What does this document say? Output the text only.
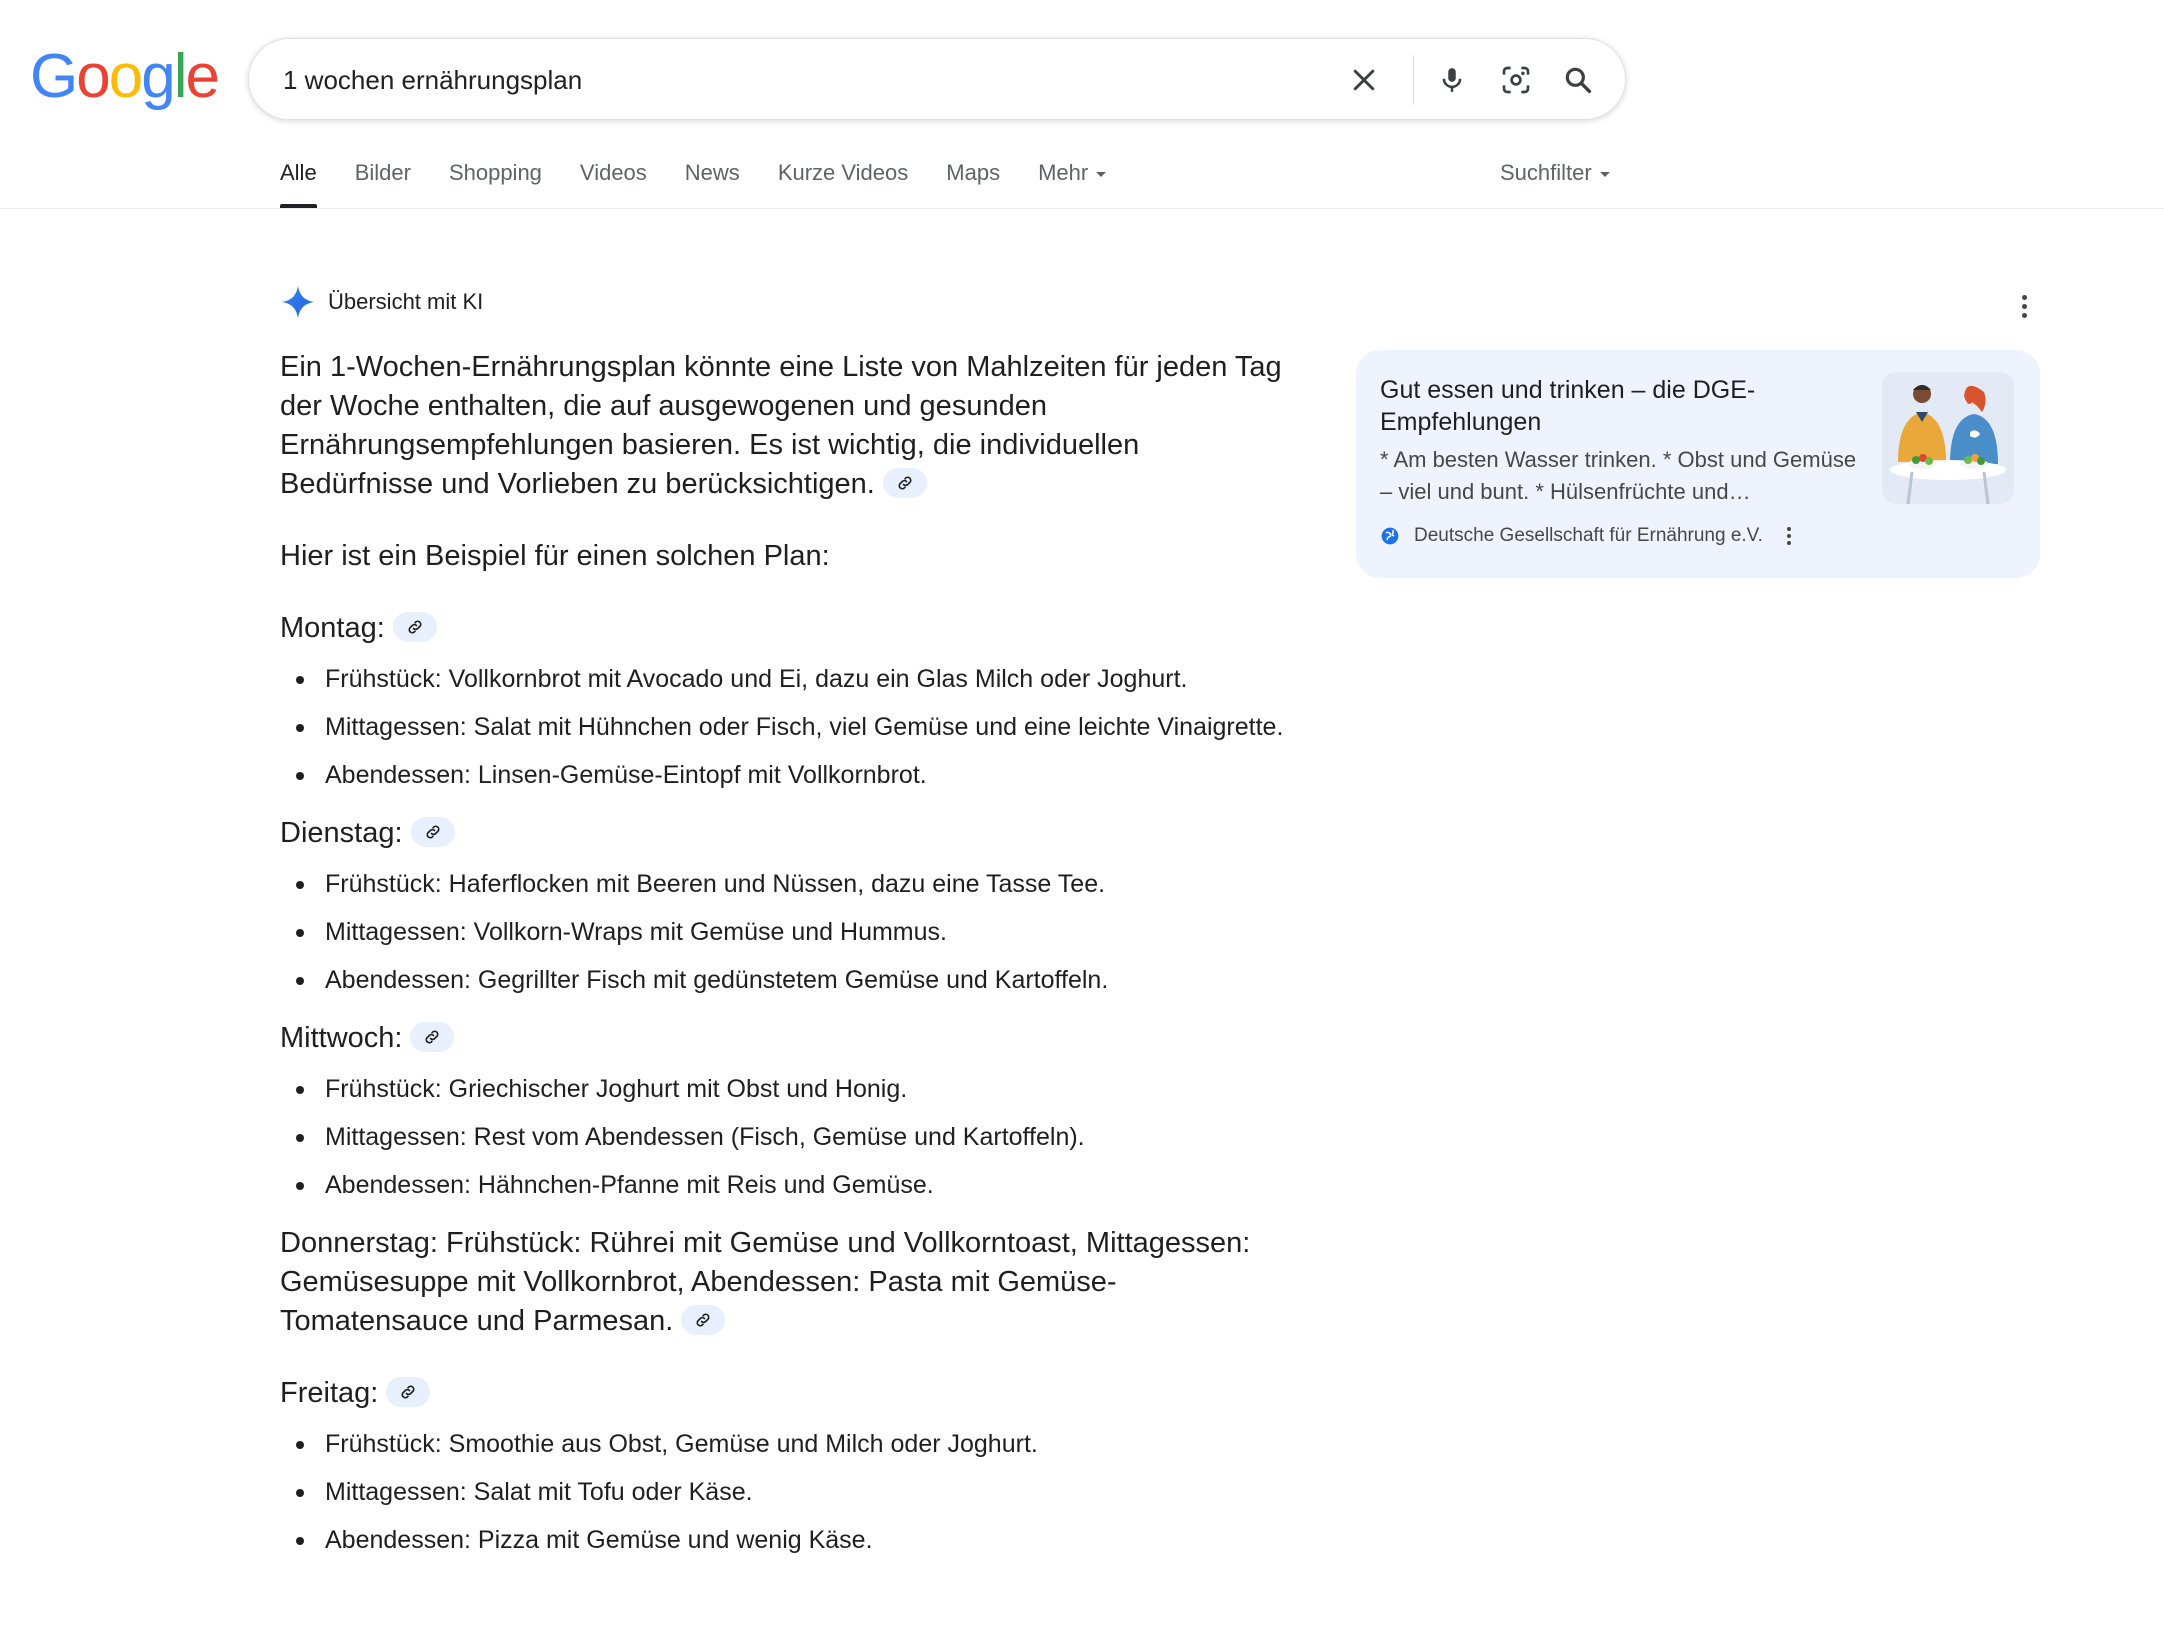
Google	1 wochen ernährungsplan
Alle Bilder Shopping Videos News Kurze Videos Maps Mehr	Suchfilter
Übersicht mit KI

Ein 1-Wochen-Ernährungsplan könnte eine Liste von Mahlzeiten für jeden Tag der Woche enthalten, die auf ausgewogenen und gesunden Ernährungsempfehlungen basieren. Es ist wichtig, die individuellen Bedürfnisse und Vorlieben zu berücksichtigen.

Hier ist ein Beispiel für einen solchen Plan:

Montag:

Frühstück: Vollkornbrot mit Avocado und Ei, dazu ein Glas Milch oder Joghurt.
Mittagessen: Salat mit Hühnchen oder Fisch, viel Gemüse und eine leichte Vinaigrette.
Abendessen: Linsen-Gemüse-Eintopf mit Vollkornbrot.

Dienstag:

Frühstück: Haferflocken mit Beeren und Nüssen, dazu eine Tasse Tee.
Mittagessen: Vollkorn-Wraps mit Gemüse und Hummus.
Abendessen: Gegrillter Fisch mit gedünstetem Gemüse und Kartoffeln.

Mittwoch:

Frühstück: Griechischer Joghurt mit Obst und Honig.
Mittagessen: Rest vom Abendessen (Fisch, Gemüse und Kartoffeln).
Abendessen: Hähnchen-Pfanne mit Reis und Gemüse.

Donnerstag: Frühstück: Rührei mit Gemüse und Vollkorntoast, Mittagessen: Gemüsesuppe mit Vollkornbrot, Abendessen: Pasta mit Gemüse-Tomatensauce und Parmesan.

Freitag:

Frühstück: Smoothie aus Obst, Gemüse und Milch oder Joghurt.
Mittagessen: Salat mit Tofu oder Käse.
Abendessen: Pizza mit Gemüse und wenig Käse.
Gut essen und trinken – die DGE-Empfehlungen
* Am besten Wasser trinken. * Obst und Gemüse – viel und bunt. * Hülsenfrüchte und…
Deutsche Gesellschaft für Ernährung e.V.
